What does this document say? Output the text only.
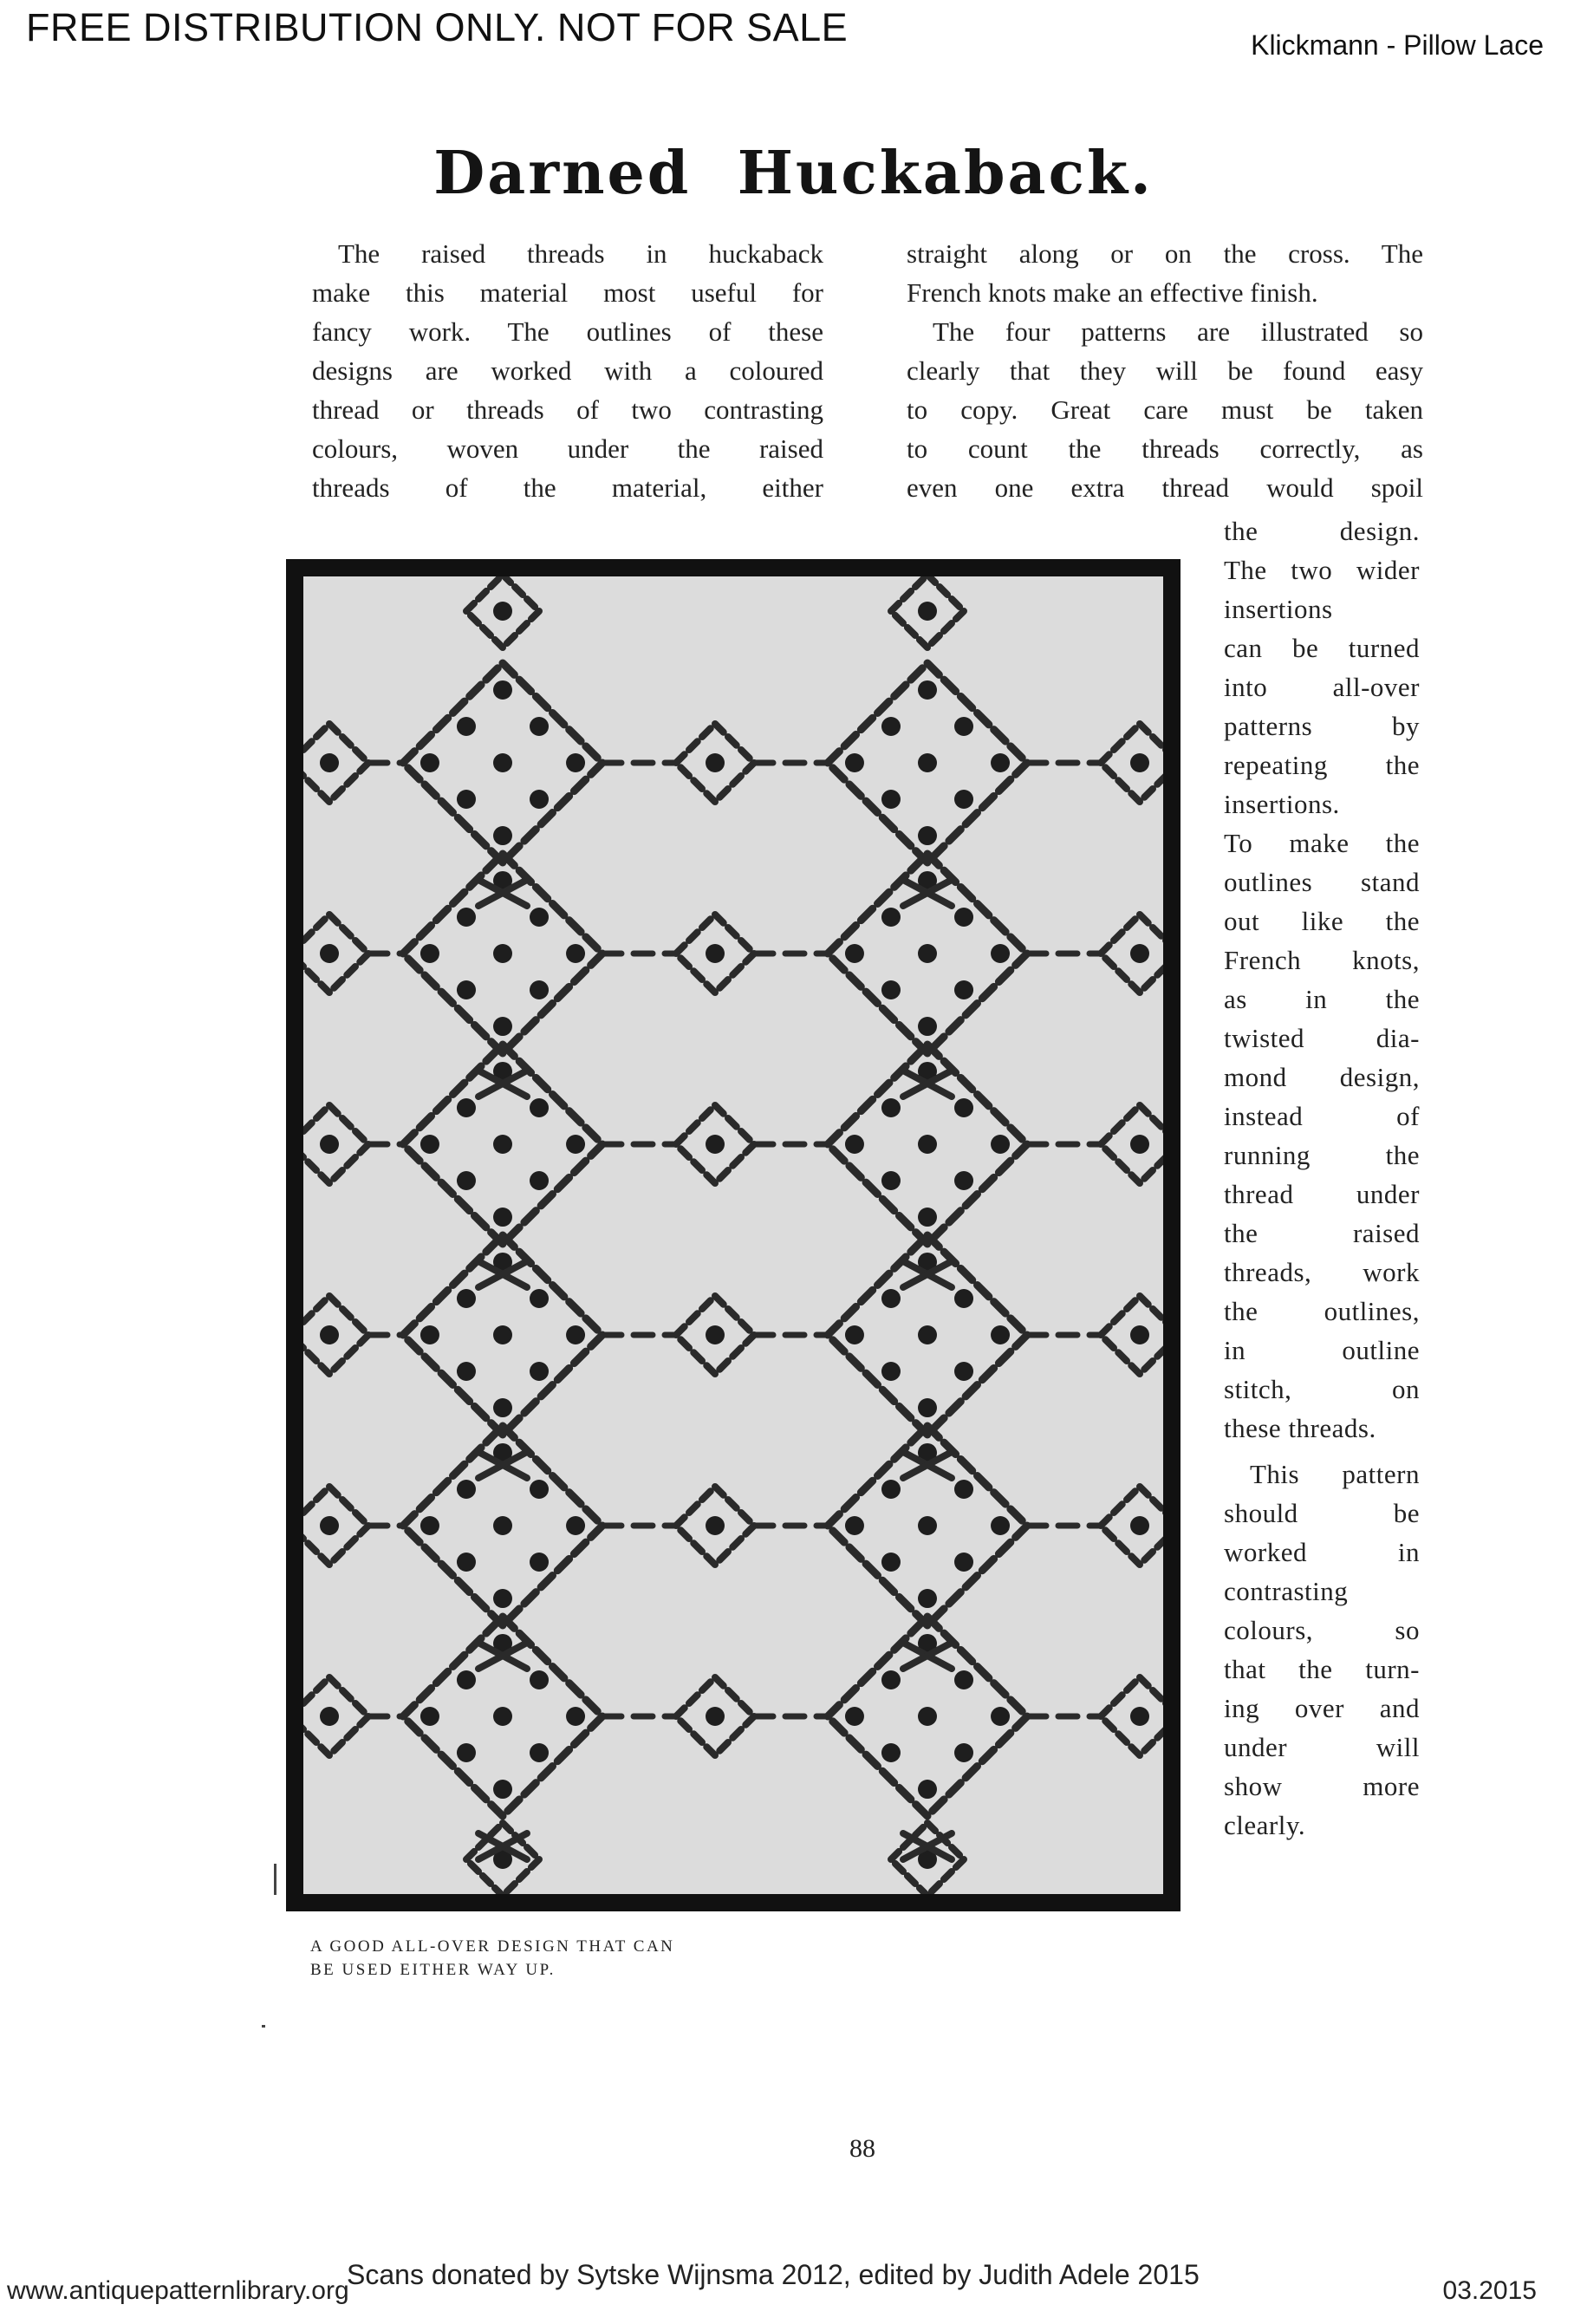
FREE DISTRIBUTION ONLY. NOT FOR SALE	Klickmann - Pillow Lace
Darned  Huckaback.
The raised threads in huckaback
make this material most useful for
fancy work. The outlines of these
designs are worked with a coloured
thread or threads of two contrasting
colours, woven under the raised
threads of the material, either
straight along or on the cross. The
French knots make an effective finish.
The four patterns are illustrated so
clearly that they will be found easy
to copy. Great care must be taken
to count the threads correctly, as
even one extra thread would spoil
the design.
The two wider
insertions
can be turned
into all-over
patterns by
repeating the
insertions.
To make the
outlines stand
out like the
French knots,
as in the
twisted dia-
mond design,
instead of
running the
thread under
the raised
threads, work
the outlines,
in outline
stitch, on
these threads.
This pattern
should be
worked in
contrasting
colours, so
that the turn-
ing over and
under will
show more
clearly.
A GOOD ALL-OVER DESIGN THAT CAN
BE USED EITHER WAY UP.
88
www.antiquepatternlibrary.org
Scans donated by Sytske Wijnsma 2012, edited by Judith Adele 2015
03.2015
